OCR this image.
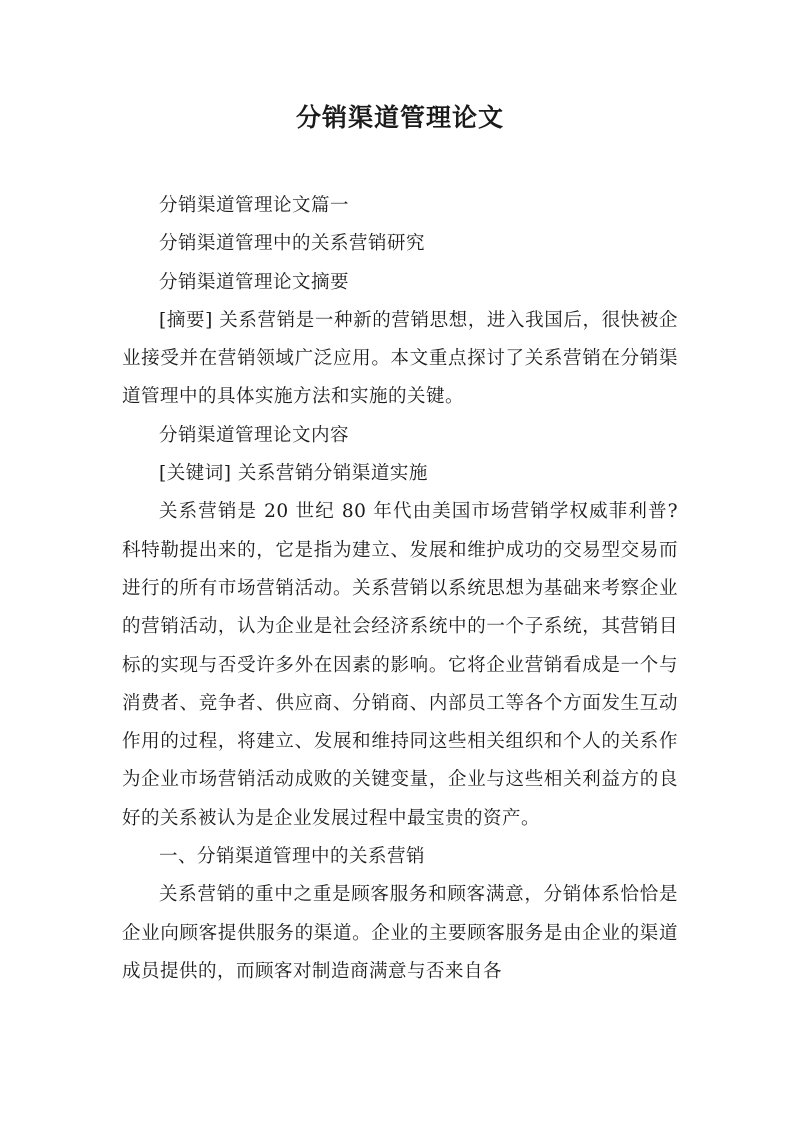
分销渠道管理论文

分销渠道管理论文篇一

分销渠道管理中的关系营销研究

分销渠道管理论文摘要

[摘要] 关系营销是一种新的营销思想，进入我国后，很快被企业接受并在营销领域广泛应用。本文重点探讨了关系营销在分销渠道管理中的具体实施方法和实施的关键。

分销渠道管理论文内容

[关键词] 关系营销分销渠道实施

关系营销是 20 世纪 80 年代由美国市场营销学权威菲利普?科特勒提出来的，它是指为建立、发展和维护成功的交易型交易而进行的所有市场营销活动。关系营销以系统思想为基础来考察企业的营销活动，认为企业是社会经济系统中的一个子系统，其营销目标的实现与否受许多外在因素的影响。它将企业营销看成是一个与消费者、竞争者、供应商、分销商、内部员工等各个方面发生互动作用的过程，将建立、发展和维持同这些相关组织和个人的关系作为企业市场营销活动成败的关键变量，企业与这些相关利益方的良好的关系被认为是企业发展过程中最宝贵的资产。

一、分销渠道管理中的关系营销

关系营销的重中之重是顾客服务和顾客满意，分销体系恰恰是企业向顾客提供服务的渠道。企业的主要顾客服务是由企业的渠道成员提供的，而顾客对制造商满意与否来自各
